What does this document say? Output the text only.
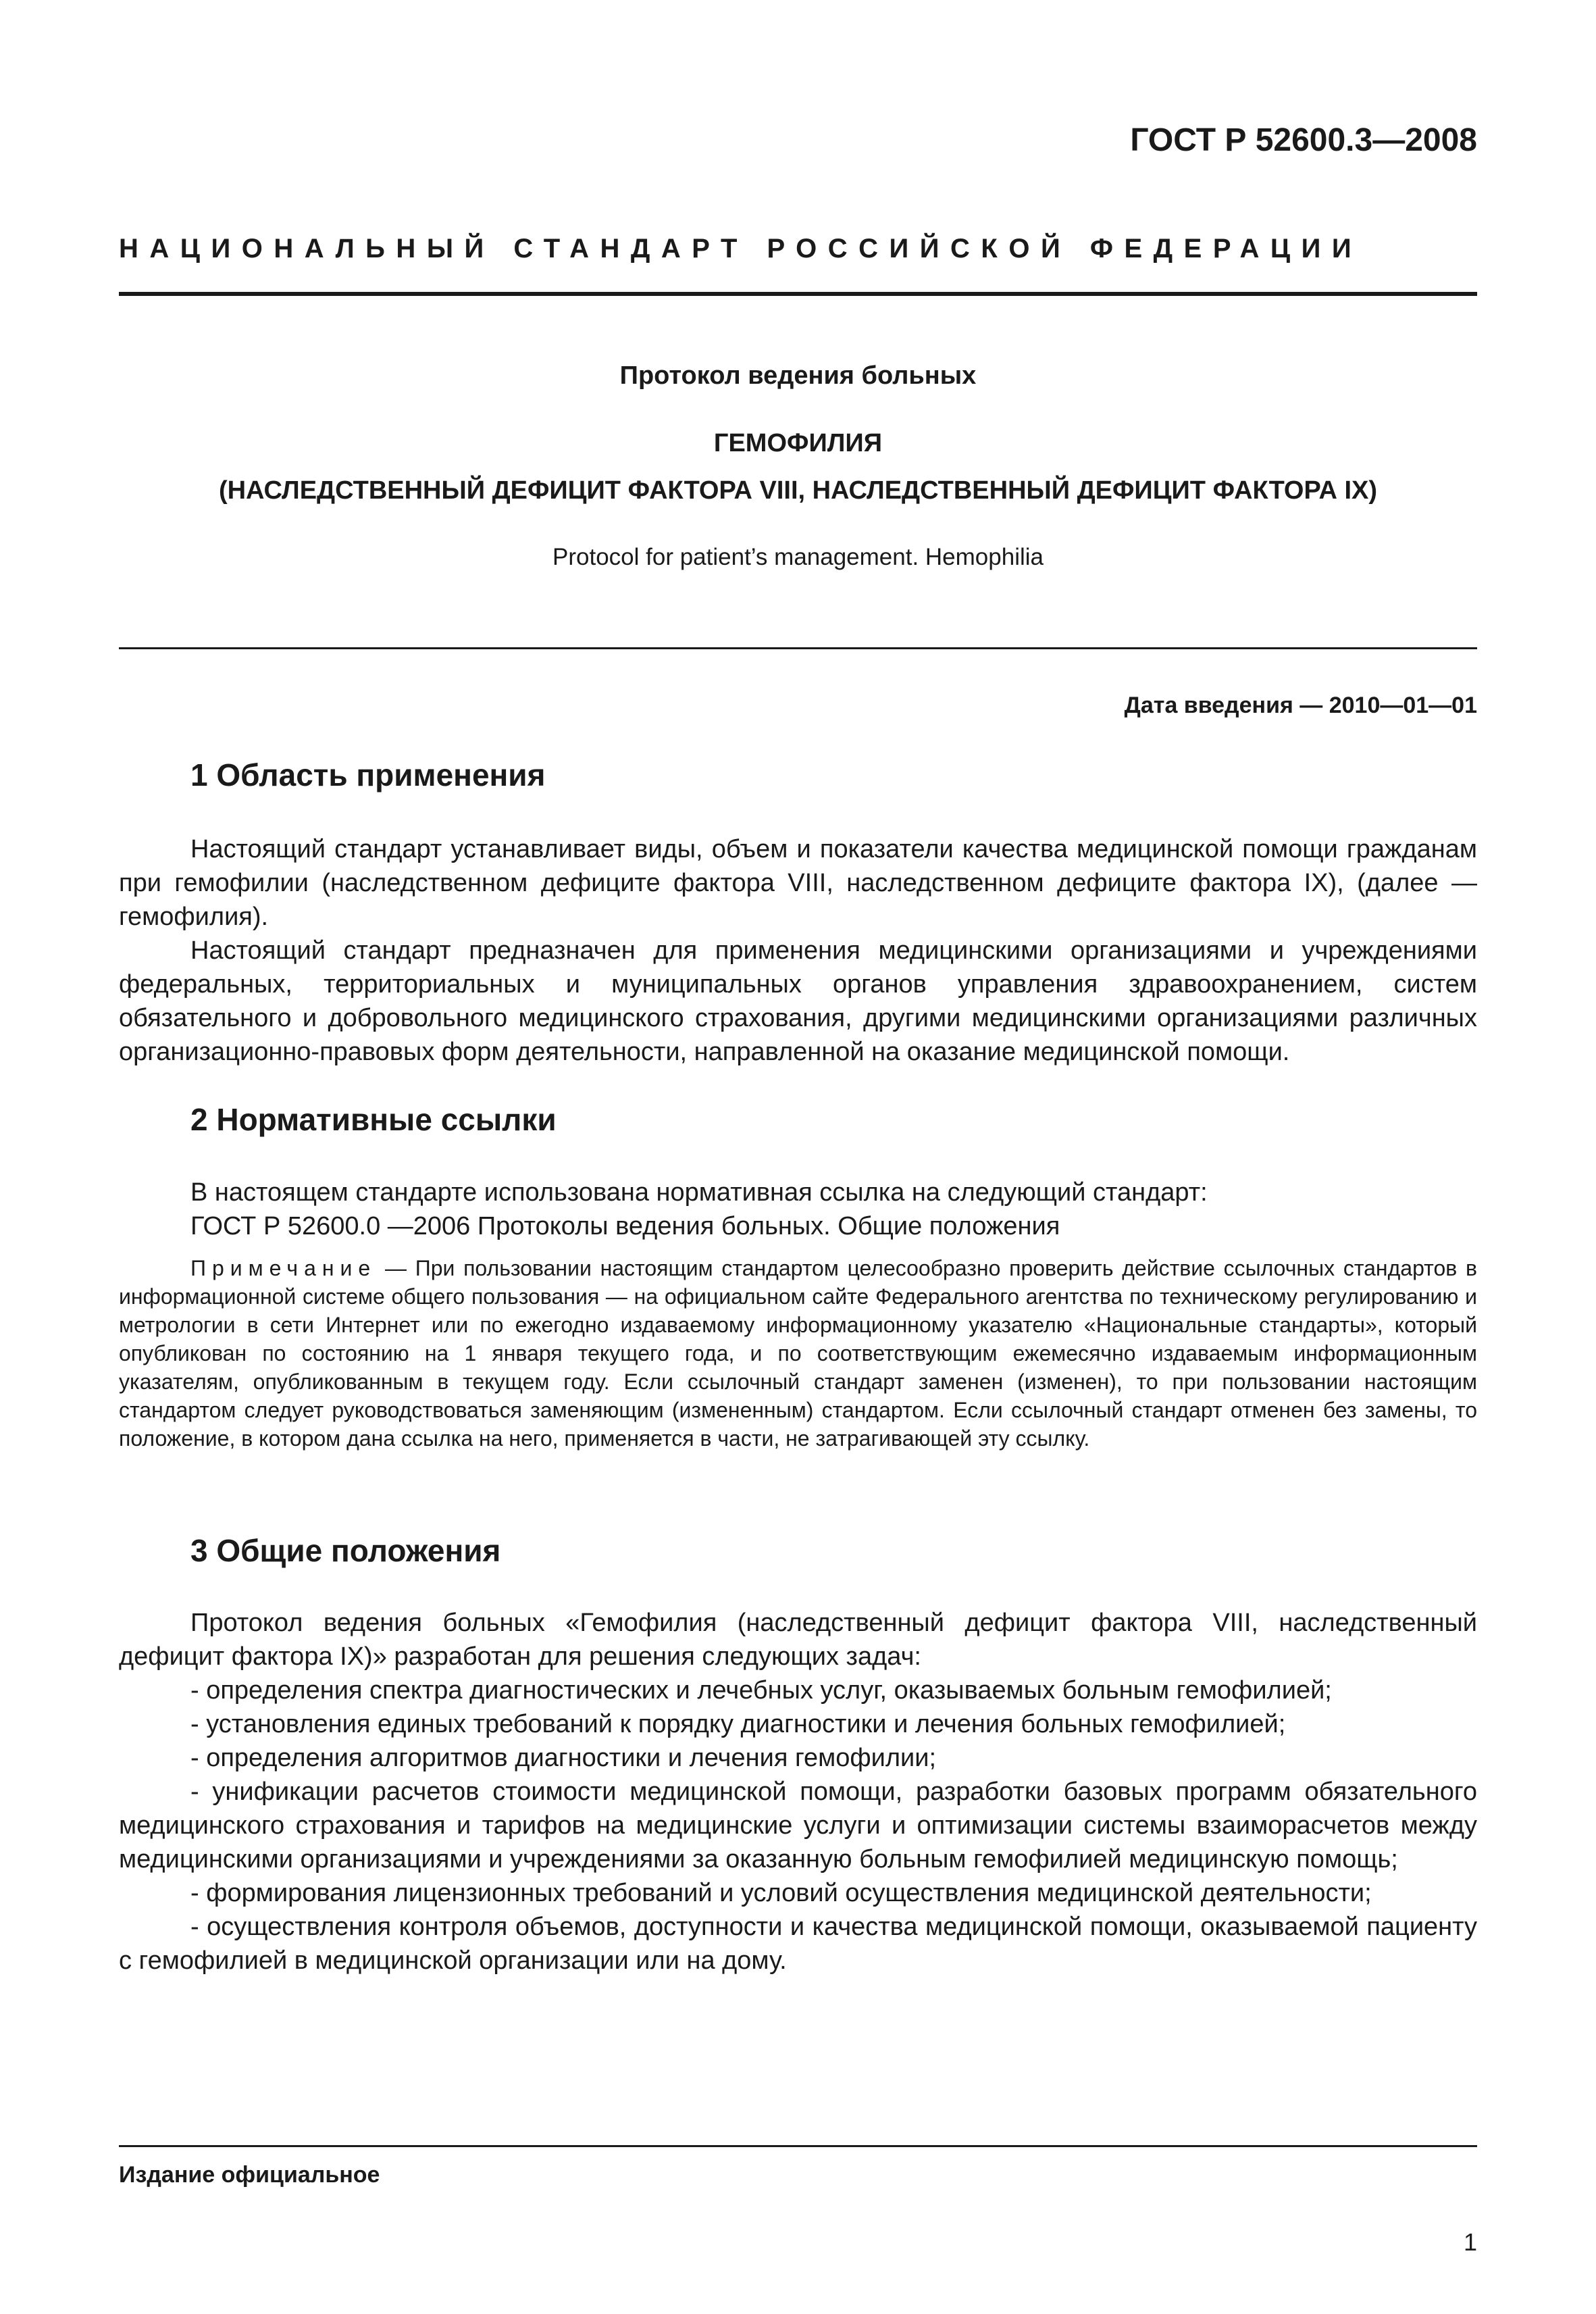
ГОСТ Р 52600.3—2008
НАЦИОНАЛЬНЫЙ СТАНДАРТ РОССИЙСКОЙ ФЕДЕРАЦИИ
Протокол ведения больных
ГЕМОФИЛИЯ
(НАСЛЕДСТВЕННЫЙ ДЕФИЦИТ ФАКТОРА VIII, НАСЛЕДСТВЕННЫЙ ДЕФИЦИТ ФАКТОРА IX)
Protocol for patient’s management. Hemophilia
Дата введения — 2010—01—01
1 Область применения

Настоящий стандарт устанавливает виды, объем и показатели качества медицинской помощи гражданам при гемофилии (наследственном дефиците фактора VIII, наследственном дефиците фактора IX), (далее — гемофилия).

Настоящий стандарт предназначен для применения медицинскими организациями и учреждениями федеральных, территориальных и муниципальных органов управления здравоохранением, систем обязательного и добровольного медицинского страхования, другими медицинскими организациями различных организационно-правовых форм деятельности, направленной на оказание медицинской помощи.

2 Нормативные ссылки

В настоящем стандарте использована нормативная ссылка на следующий стандарт:

ГОСТ Р 52600.0 —2006 Протоколы ведения больных. Общие положения

Примечание — При пользовании настоящим стандартом целесообразно проверить действие ссылочных стандартов в информационной системе общего пользования — на официальном сайте Федерального агентства по техническому регулированию и метрологии в сети Интернет или по ежегодно издаваемому информационному указателю «Национальные стандарты», который опубликован по состоянию на 1 января текущего года, и по соответствующим ежемесячно издаваемым информационным указателям, опубликованным в текущем году. Если ссылочный стандарт заменен (изменен), то при пользовании настоящим стандартом следует руководствоваться заменяющим (измененным) стандартом. Если ссылочный стандарт отменен без замены, то положение, в котором дана ссылка на него, применяется в части, не затрагивающей эту ссылку.

3 Общие положения

Протокол ведения больных «Гемофилия (наследственный дефицит фактора VIII, наследственный дефицит фактора IX)» разработан для решения следующих задач:

- определения спектра диагностических и лечебных услуг, оказываемых больным гемофилией;

- установления единых требований к порядку диагностики и лечения больных гемофилией;

- определения алгоритмов диагностики и лечения гемофилии;

- унификации расчетов стоимости медицинской помощи, разработки базовых программ обязательного медицинского страхования и тарифов на медицинские услуги и оптимизации системы взаиморасчетов между медицинскими организациями и учреждениями за оказанную больным гемофилией медицинскую помощь;

- формирования лицензионных требований и условий осуществления медицинской деятельности;

- осуществления контроля объемов, доступности и качества медицинской помощи, оказываемой пациенту с гемофилией в медицинской организации или на дому.

Издание официальное
1
